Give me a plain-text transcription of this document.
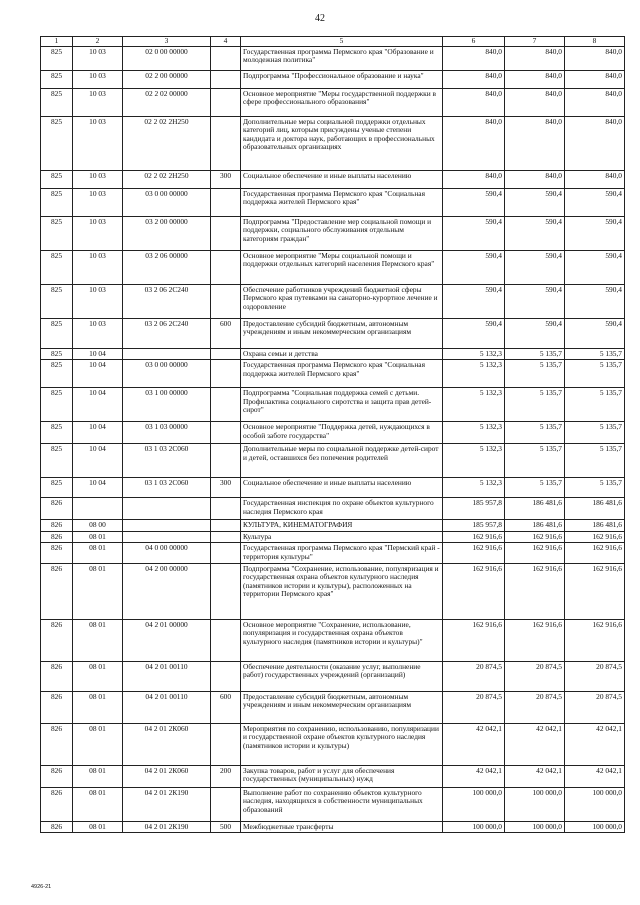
42
1	2	3	4	5	6	7	8
825	10 03	02 0 00 00000		Государственная программа Пермского края "Образование и молодежная политика"	840,0	840,0	840,0
825	10 03	02 2 00 00000		Подпрограмма "Профессиональное образование и наука"	840,0	840,0	840,0
825	10 03	02 2 02 00000		Основное мероприятие "Меры государственной поддержки в сфере профессионального образования"	840,0	840,0	840,0
825	10 03	02 2 02 2Н250		Дополнительные меры социальной поддержки отдельных категорий лиц, которым присуждены ученые степени кандидата и доктора наук, работающих в профессиональных образовательных организациях	840,0	840,0	840,0
825	10 03	02 2 02 2Н250	300	Социальное обеспечение и иные выплаты населению	840,0	840,0	840,0
825	10 03	03 0 00 00000		Государственная программа Пермского края "Социальная поддержка жителей Пермского края"	590,4	590,4	590,4
825	10 03	03 2 00 00000		Подпрограмма "Предоставление мер социальной помощи и поддержки, социального обслуживания отдельным категориям граждан"	590,4	590,4	590,4
825	10 03	03 2 06 00000		Основное мероприятие "Меры социальной помощи и поддержки отдельных категорий населения Пермского края"	590,4	590,4	590,4
825	10 03	03 2 06 2С240		Обеспечение работников учреждений бюджетной сферы Пермского края путевками на санаторно-курортное лечение и оздоровление	590,4	590,4	590,4
825	10 03	03 2 06 2С240	600	Предоставление субсидий бюджетным, автономным учреждениям и иным некоммерческим организациям	590,4	590,4	590,4
825	10 04			Охрана семьи и детства	5 132,3	5 135,7	5 135,7
825	10 04	03 0 00 00000		Государственная программа Пермского края "Социальная поддержка жителей Пермского края"	5 132,3	5 135,7	5 135,7
825	10 04	03 1 00 00000		Подпрограмма "Социальная поддержка семей с детьми. Профилактика социального сиротства и защита прав детей-сирот"	5 132,3	5 135,7	5 135,7
825	10 04	03 1 03 00000		Основное мероприятие "Поддержка детей, нуждающихся в особой заботе государства"	5 132,3	5 135,7	5 135,7
825	10 04	03 1 03 2С060		Дополнительные меры по социальной поддержке детей-сирот и детей, оставшихся без попечения родителей	5 132,3	5 135,7	5 135,7
825	10 04	03 1 03 2С060	300	Социальное обеспечение и иные выплаты населению	5 132,3	5 135,7	5 135,7
826				Государственная инспекция по охране объектов культурного наследия Пермского края	185 957,8	186 481,6	186 481,6
826	08 00			КУЛЬТУРА, КИНЕМАТОГРАФИЯ	185 957,8	186 481,6	186 481,6
826	08 01			Культура	162 916,6	162 916,6	162 916,6
826	08 01	04 0 00 00000		Государственная программа Пермского края "Пермский край - территория культуры"	162 916,6	162 916,6	162 916,6
826	08 01	04 2 00 00000		Подпрограмма "Сохранение, использование, популяризация и государственная охрана объектов культурного наследия (памятников истории и культуры), расположенных на территории Пермского края"	162 916,6	162 916,6	162 916,6
826	08 01	04 2 01 00000		Основное мероприятие "Сохранение, использование, популяризация и государственная охрана объектов культурного наследия (памятников истории и культуры)"	162 916,6	162 916,6	162 916,6
826	08 01	04 2 01 00110		Обеспечение деятельности (оказание услуг, выполнение работ) государственных учреждений (организаций)	20 874,5	20 874,5	20 874,5
826	08 01	04 2 01 00110	600	Предоставление субсидий бюджетным, автономным учреждениям и иным некоммерческим организациям	20 874,5	20 874,5	20 874,5
826	08 01	04 2 01 2К060		Мероприятия по сохранению, использованию, популяризации и государственной охране объектов культурного наследия (памятников истории и культуры)	42 042,1	42 042,1	42 042,1
826	08 01	04 2 01 2К060	200	Закупка товаров, работ и услуг для обеспечения государственных (муниципальных) нужд	42 042,1	42 042,1	42 042,1
826	08 01	04 2 01 2К190		Выполнение работ по сохранению объектов культурного наследия, находящихся в собственности муниципальных образований	100 000,0	100 000,0	100 000,0
826	08 01	04 2 01 2К190	500	Межбюджетные трансферты	100 000,0	100 000,0	100 000,0
4926-21
